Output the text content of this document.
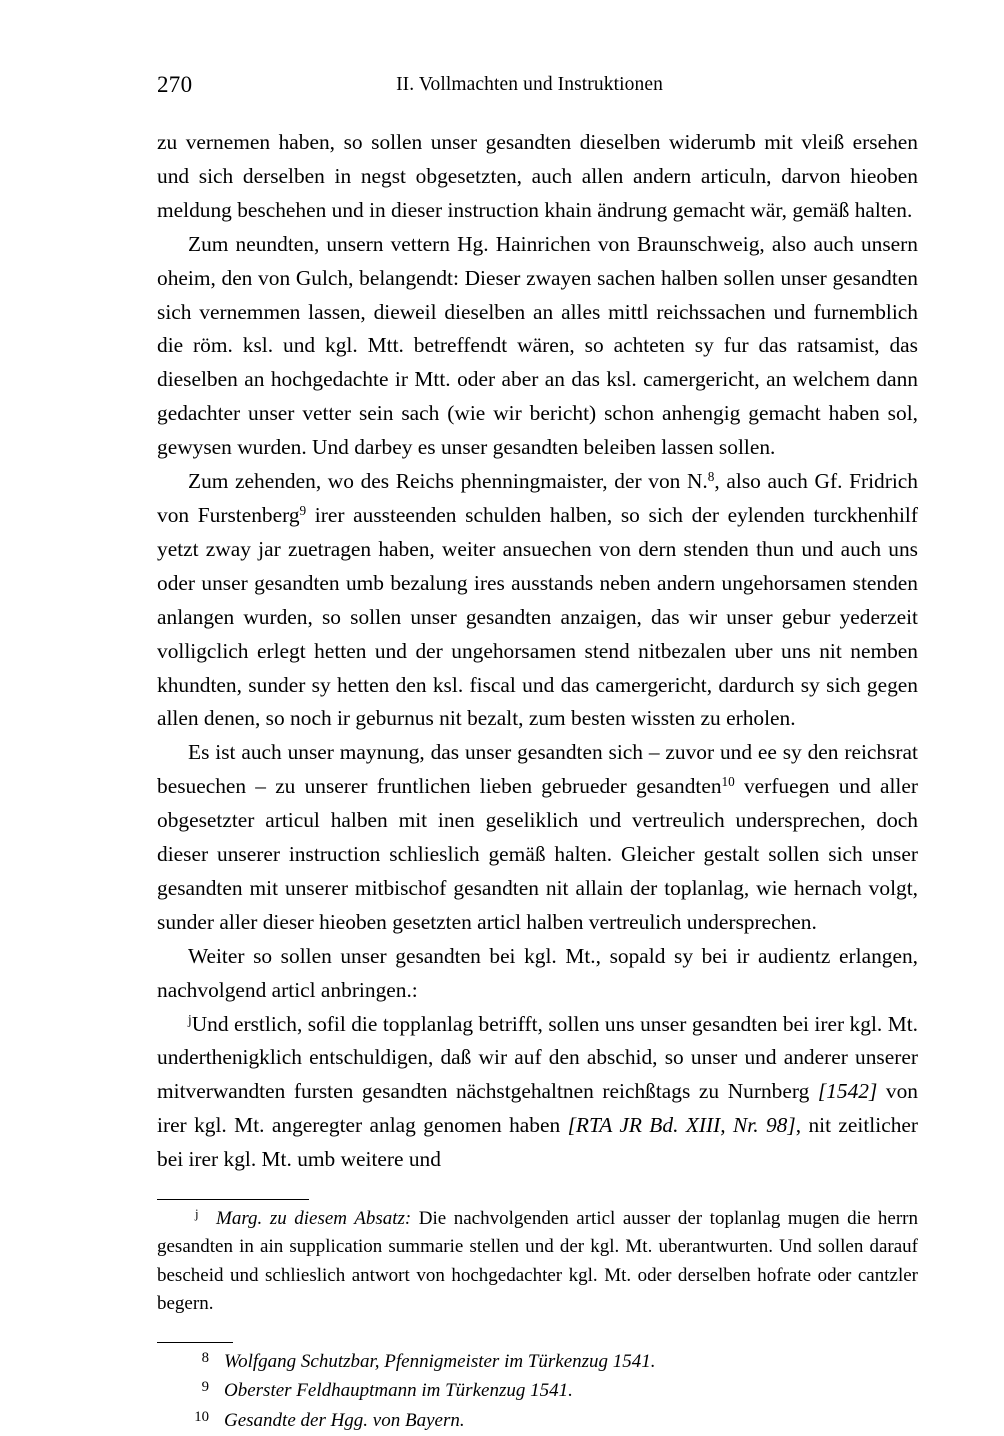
270	II. Vollmachten und Instruktionen

zu vernemen haben, so sollen unser gesandten dieselben widerumb mit vleiß ersehen und sich derselben in negst obgesetzten, auch allen andern articuln, darvon hieoben meldung beschehen und in dieser instruction khain ändrung gemacht wär, gemäß halten.

Zum neundten, unsern vettern Hg. Hainrichen von Braunschweig, also auch unsern oheim, den von Gulch, belangendt: Dieser zwayen sachen halben sollen unser gesandten sich vernemmen lassen, dieweil dieselben an alles mittl reichssachen und furnemblich die röm. ksl. und kgl. Mtt. betreffendt wären, so achteten sy fur das ratsamist, das dieselben an hochgedachte ir Mtt. oder aber an das ksl. camergericht, an welchem dann gedachter unser vetter sein sach (wie wir bericht) schon anhengig gemacht haben sol, gewysen wurden. Und darbey es unser gesandten beleiben lassen sollen.

Zum zehenden, wo des Reichs phenningmaister, der von N.$^8$, also auch Gf. Fridrich von Furstenberg$^9$ irer aussteenden schulden halben, so sich der eylenden turckhenhilf yetzt zway jar zuetragen haben, weiter ansuechen von dern stenden thun und auch uns oder unser gesandten umb bezalung ires ausstands neben andern ungehorsamen stenden anlangen wurden, so sollen unser gesandten anzaigen, das wir unser gebur yederzeit volligclich erlegt hetten und der ungehorsamen stend nitbezalen uber uns nit nemben khundten, sunder sy hetten den ksl. fiscal und das camergericht, dardurch sy sich gegen allen denen, so noch ir geburnus nit bezalt, zum besten wissten zu erholen.

Es ist auch unser maynung, das unser gesandten sich – zuvor und ee sy den reichsrat besuechen – zu unserer fruntlichen lieben gebrueder gesandten$^{10}$ verfuegen und aller obgesetzter articul halben mit inen geseliklich und vertreulich undersprechen, doch dieser unserer instruction schlieslich gemäß halten. Gleicher gestalt sollen sich unser gesandten mit unserer mitbischof gesandten nit allain der toplanlag, wie hernach volgt, sunder aller dieser hieoben gesetzten articl halben vertreulich undersprechen.

Weiter so sollen unser gesandten bei kgl. Mt., sopald sy bei ir audientz erlangen, nachvolgend articl anbringen.:

$^j$Und erstlich, sofil die topplanlag betrifft, sollen uns unser gesandten bei irer kgl. Mt. underthenigklich entschuldigen, daß wir auf den abschid, so unser und anderer unserer mitverwandten fursten gesandten nächstgehaltnen reichßtags zu Nurnberg [1542] von irer kgl. Mt. angeregter anlag genomen haben [RTA JR Bd. XIII, Nr. 98], nit zeitlicher bei irer kgl. Mt. umb weitere und

$^j$ Marg. zu diesem Absatz: Die nachvolgenden articl ausser der toplanlag mugen die herrn gesandten in ain supplication summarie stellen und der kgl. Mt. uberantwurten. Und sollen darauf bescheid und schlieslich antwort von hochgedachter kgl. Mt. oder derselben hofrate oder cantzler begern.

8 Wolfgang Schutzbar, Pfennigmeister im Türkenzug 1541.
9 Oberster Feldhauptmann im Türkenzug 1541.
10 Gesandte der Hgg. von Bayern.
